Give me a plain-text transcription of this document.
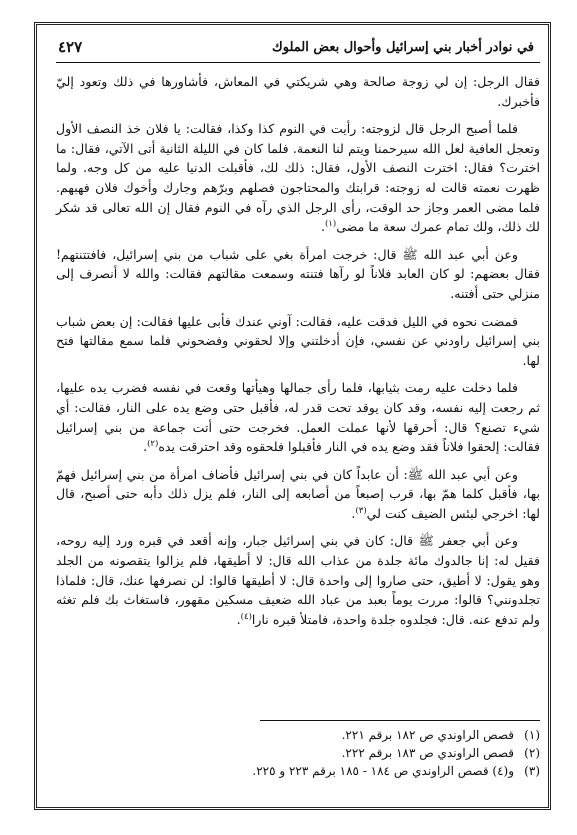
في نوادر أخبار بني إسرائيل وأحوال بعض الملوك
٤٢٧

فقال الرجل: إن لي زوجة صالحة وهي شريكتي في المعاش، فأشاورها في ذلك وتعود إليّ فأخبرك.

فلما أصبح الرجل قال لزوجته: رأيت في النوم كذا وكذا، فقالت: يا فلان خذ النصف الأول وتعجل العافية لعل الله سيرحمنا ويتم لنا النعمة. فلما كان في الليلة الثانية أتى الآتي، فقال: ما اخترت؟ فقال: اخترت النصف الأول، فقال: ذلك لك، فأقبلت الدنيا عليه من كل وجه. ولما ظهرت نعمته قالت له زوجته: قرابتك والمحتاجون فصلهم وبرّهم وجارك وأخوك فلان فهبهم. فلما مضى العمر وجاز حد الوقت، رأى الرجل الذي رآه في النوم فقال إن الله تعالى قد شكر لك ذلك، ولك تمام عمرك سعة ما مضى$^{(١)}$.

وعن أبي عبد الله ﷺ قال: خرجت امرأة بغي على شباب من بني إسرائيل، فافتتنتهم! فقال بعضهم: لو كان العابد فلاناً لو رآها فتنته وسمعت مقالتهم فقالت: والله لا أنصرف إلى منزلي حتى أفتنه.

فمضت نحوه في الليل فدقت عليه، فقالت: آوني عندك فأبى عليها فقالت: إن بعض شباب بني إسرائيل راودني عن نفسي، فإن أدخلتني وإلا لحقوني وفضحوني فلما سمع مقالتها فتح لها.

فلما دخلت عليه رمت بثيابها، فلما رأى جمالها وهيأتها وقعت في نفسه فضرب يده عليها، ثم رجعت إليه نفسه، وقد كان يوقد تحت قدر له، فأقبل حتى وضع يده على النار، فقالت: أي شيء تصنع؟ قال: أحرقها لأنها عملت العمل. فخرجت حتى أتت جماعة من بني إسرائيل فقالت: إلحقوا فلاناً فقد وضع يده في النار فأقبلوا فلحقوه وقد احترقت يده$^{(٢)}$.

وعن أبي عبد الله ﷺ: أن عابداً كان في بني إسرائيل فأضاف امرأة من بني إسرائيل فهمّ بها، فأقبل كلما همّ بها، قرب إصبعاً من أصابعه إلى النار، فلم يزل ذلك دأبه حتى أصبح، قال لها: اخرجي لبئس الضيف كنت لي$^{(٣)}$.

وعن أبي جعفر ﷺ قال: كان في بني إسرائيل جبار، وإنه أقعد في قبره ورد إليه روحه، فقيل له: إنا جالدوك مائة جلدة من عذاب الله قال: لا أطيقها، فلم يزالوا يتقصونه من الجلد وهو يقول: لا أطيق، حتى صاروا إلى واحدة قال: لا أطيقها قالوا: لن نصرفها عنك، قال: فلماذا تجلدونني؟ قالوا: مررت يوماً بعبد من عباد الله ضعيف مسكين مقهور، فاستغاث بك فلم تغثه ولم تدفع عنه. قال: فجلدوه جلدة واحدة، فامتلأ قبره نارا$^{(٤)}$.

(١)قصص الراوندي ص ١٨٢ برقم ٢٢١.
(٢)قصص الراوندي ص ١٨٣ برقم ٢٢٢.
(٣)و(٤) قصص الراوندي ص ١٨٤ - ١٨٥ برقم ٢٢٣ و ٢٢٥.
